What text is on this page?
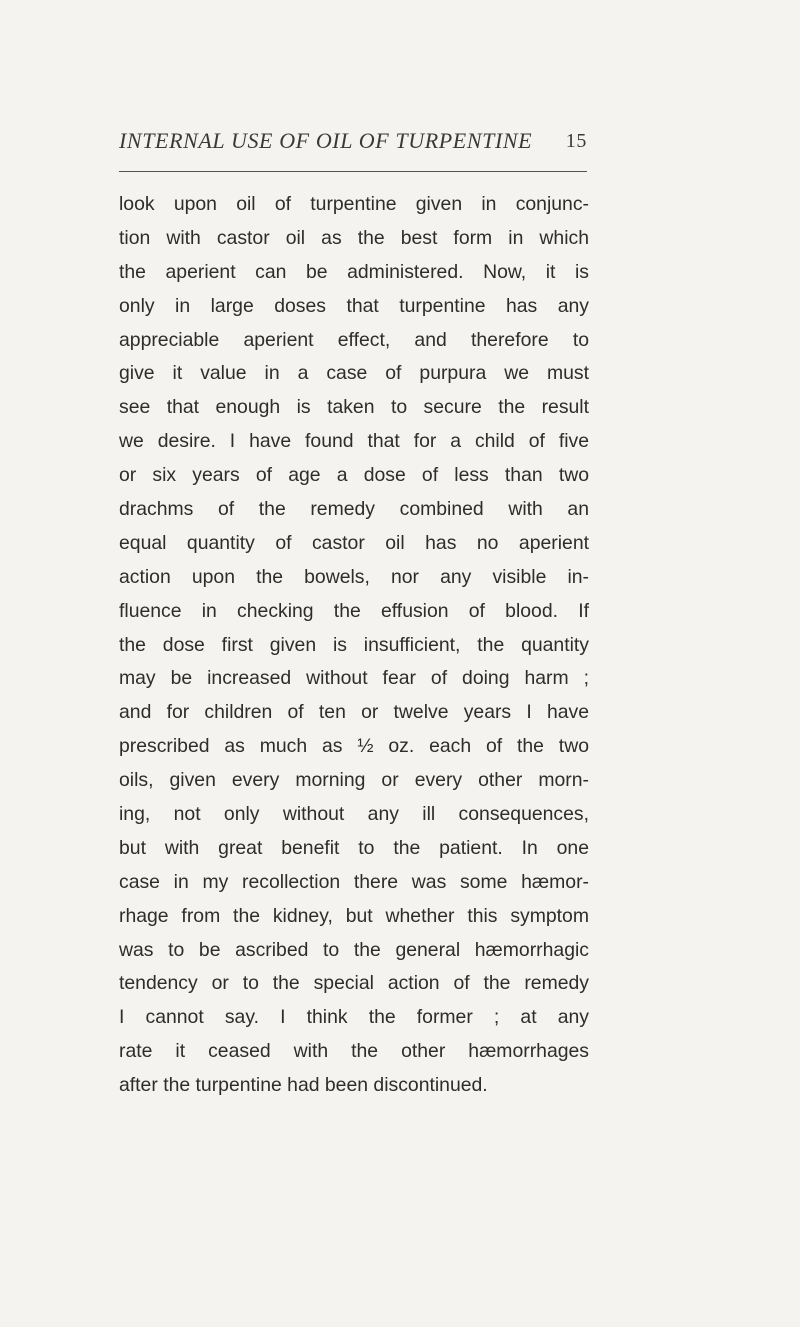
INTERNAL USE OF OIL OF TURPENTINE 15
look upon oil of turpentine given in conjunc-
tion with castor oil as the best form in which
the aperient can be administered. Now, it is
only in large doses that turpentine has any
appreciable aperient effect, and therefore to
give it value in a case of purpura we must
see that enough is taken to secure the result
we desire. I have found that for a child of five
or six years of age a dose of less than two
drachms of the remedy combined with an
equal quantity of castor oil has no aperient
action upon the bowels, nor any visible in-
fluence in checking the effusion of blood. If
the dose first given is insufficient, the quantity
may be increased without fear of doing harm ;
and for children of ten or twelve years I have
prescribed as much as ½ oz. each of the two
oils, given every morning or every other morn-
ing, not only without any ill consequences,
but with great benefit to the patient. In one
case in my recollection there was some hæmor-
rhage from the kidney, but whether this symptom
was to be ascribed to the general hæmorrhagic
tendency or to the special action of the remedy
I cannot say. I think the former ; at any
rate it ceased with the other hæmorrhages
after the turpentine had been discontinued.
